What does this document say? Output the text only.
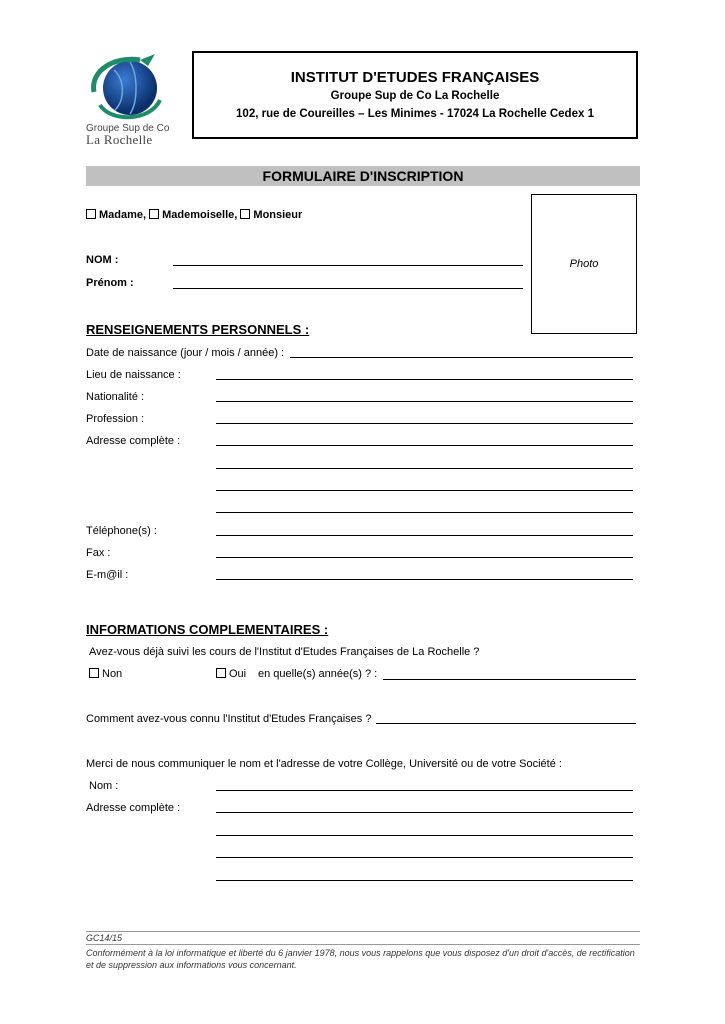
Groupe Sup de Co
La Rochelle
INSTITUT D'ETUDES FRANÇAISES
Groupe Sup de Co La Rochelle
102, rue de Coureilles – Les Minimes - 17024 La Rochelle Cedex 1
FORMULAIRE D'INSCRIPTION
Photo
Madame, Mademoiselle, Monsieur
NOM :
Prénom :
RENSEIGNEMENTS PERSONNELS :
Date de naissance (jour / mois / année) :
Lieu de naissance :
Nationalité :
Profession :
Adresse complète :
Téléphone(s) :
Fax :
E-m@il :
INFORMATIONS COMPLEMENTAIRES :
Avez-vous déjà suivi les cours de l'Institut d'Etudes Françaises de La Rochelle ?
Non	Oui en quelle(s) année(s) ? :
Comment avez-vous connu l'Institut d'Etudes Françaises ?
Merci de nous communiquer le nom et l'adresse de votre Collège, Université ou de votre Société :
Nom :
Adresse complète :
GC14/15
Conformément à la loi informatique et liberté du 6 janvier 1978, nous vous rappelons que vous disposez d'un droit d'accès, de rectification et de suppression aux informations vous concernant.
